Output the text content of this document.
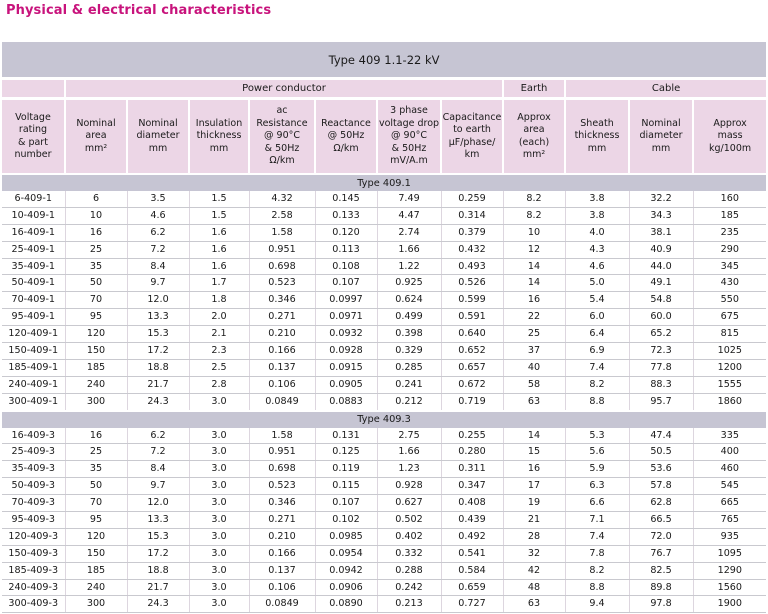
Physical & electrical characteristics
Type 409 1.1-22 kV											
	Power conductor							Earth	Cable		
Voltage
rating
& part
number	Nominal
area
mm²	Nominal
diameter
mm	Insulation
thickness
mm	ac
Resistance
@ 90°C
& 50Hz
Ω/km	Reactance
@ 50Hz
Ω/km	3 phase
voltage drop
@ 90°C
& 50Hz
mV/A.m	Capacitance
to earth
μF/phase/
km	Approx
area
(each)
mm²	Sheath
thickness
mm	Nominal
diameter
mm	Approx
mass
kg/100m
Type 409.1											
6-409-1	6	3.5	1.5	4.32	0.145	7.49	0.259	8.2	3.8	32.2	160
10-409-1	10	4.6	1.5	2.58	0.133	4.47	0.314	8.2	3.8	34.3	185
16-409-1	16	6.2	1.6	1.58	0.120	2.74	0.379	10	4.0	38.1	235
25-409-1	25	7.2	1.6	0.951	0.113	1.66	0.432	12	4.3	40.9	290
35-409-1	35	8.4	1.6	0.698	0.108	1.22	0.493	14	4.6	44.0	345
50-409-1	50	9.7	1.7	0.523	0.107	0.925	0.526	14	5.0	49.1	430
70-409-1	70	12.0	1.8	0.346	0.0997	0.624	0.599	16	5.4	54.8	550
95-409-1	95	13.3	2.0	0.271	0.0971	0.499	0.591	22	6.0	60.0	675
120-409-1	120	15.3	2.1	0.210	0.0932	0.398	0.640	25	6.4	65.2	815
150-409-1	150	17.2	2.3	0.166	0.0928	0.329	0.652	37	6.9	72.3	1025
185-409-1	185	18.8	2.5	0.137	0.0915	0.285	0.657	40	7.4	77.8	1200
240-409-1	240	21.7	2.8	0.106	0.0905	0.241	0.672	58	8.2	88.3	1555
300-409-1	300	24.3	3.0	0.0849	0.0883	0.212	0.719	63	8.8	95.7	1860
Type 409.3											
16-409-3	16	6.2	3.0	1.58	0.131	2.75	0.255	14	5.3	47.4	335
25-409-3	25	7.2	3.0	0.951	0.125	1.66	0.280	15	5.6	50.5	400
35-409-3	35	8.4	3.0	0.698	0.119	1.23	0.311	16	5.9	53.6	460
50-409-3	50	9.7	3.0	0.523	0.115	0.928	0.347	17	6.3	57.8	545
70-409-3	70	12.0	3.0	0.346	0.107	0.627	0.408	19	6.6	62.8	665
95-409-3	95	13.3	3.0	0.271	0.102	0.502	0.439	21	7.1	66.5	765
120-409-3	120	15.3	3.0	0.210	0.0985	0.402	0.492	28	7.4	72.0	935
150-409-3	150	17.2	3.0	0.166	0.0954	0.332	0.541	32	7.8	76.7	1095
185-409-3	185	18.8	3.0	0.137	0.0942	0.288	0.584	42	8.2	82.5	1290
240-409-3	240	21.7	3.0	0.106	0.0906	0.242	0.659	48	8.8	89.8	1560
300-409-3	300	24.3	3.0	0.0849	0.0890	0.213	0.727	63	9.4	97.8	1900
